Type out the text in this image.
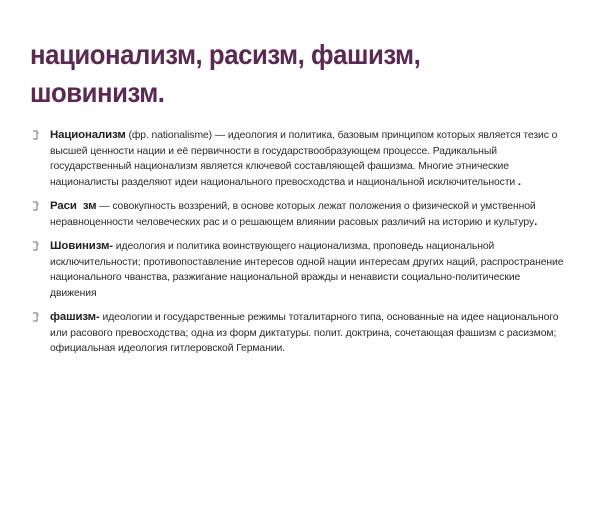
национализм, расизм, фашизм,
шовинизм.
Национализм (фр. nationalisme) — идеология и политика, базовым принципом которых является тезис о высшей ценности нации и её первичности в государствообразующем процессе. Радикальный государственный национализм является ключевой составляющей фашизма. Многие этнические националисты разделяют идеи национального превосходства и национальной исключительности .
Раси  зм — совокупность воззрений, в основе которых лежат положения о физической и умственной неравноценности человеческих рас и о решающем влиянии расовых различий на историю и культуру.
Шовинизм- идеология и политика воинствующего национализма, проповедь национальной исключительности; противопоставление интересов одной нации интересам других наций, распространение национального чванства, разжигание национальной вражды и ненависти социально-политические движения
фашизм- идеологии и государственные режимы тоталитарного типа, основанные на идее национального или расового превосходства; одна из форм диктатуры. полит. доктрина, сочетающая фашизм с расизмом; официальная идеология гитлеровской Германии.
